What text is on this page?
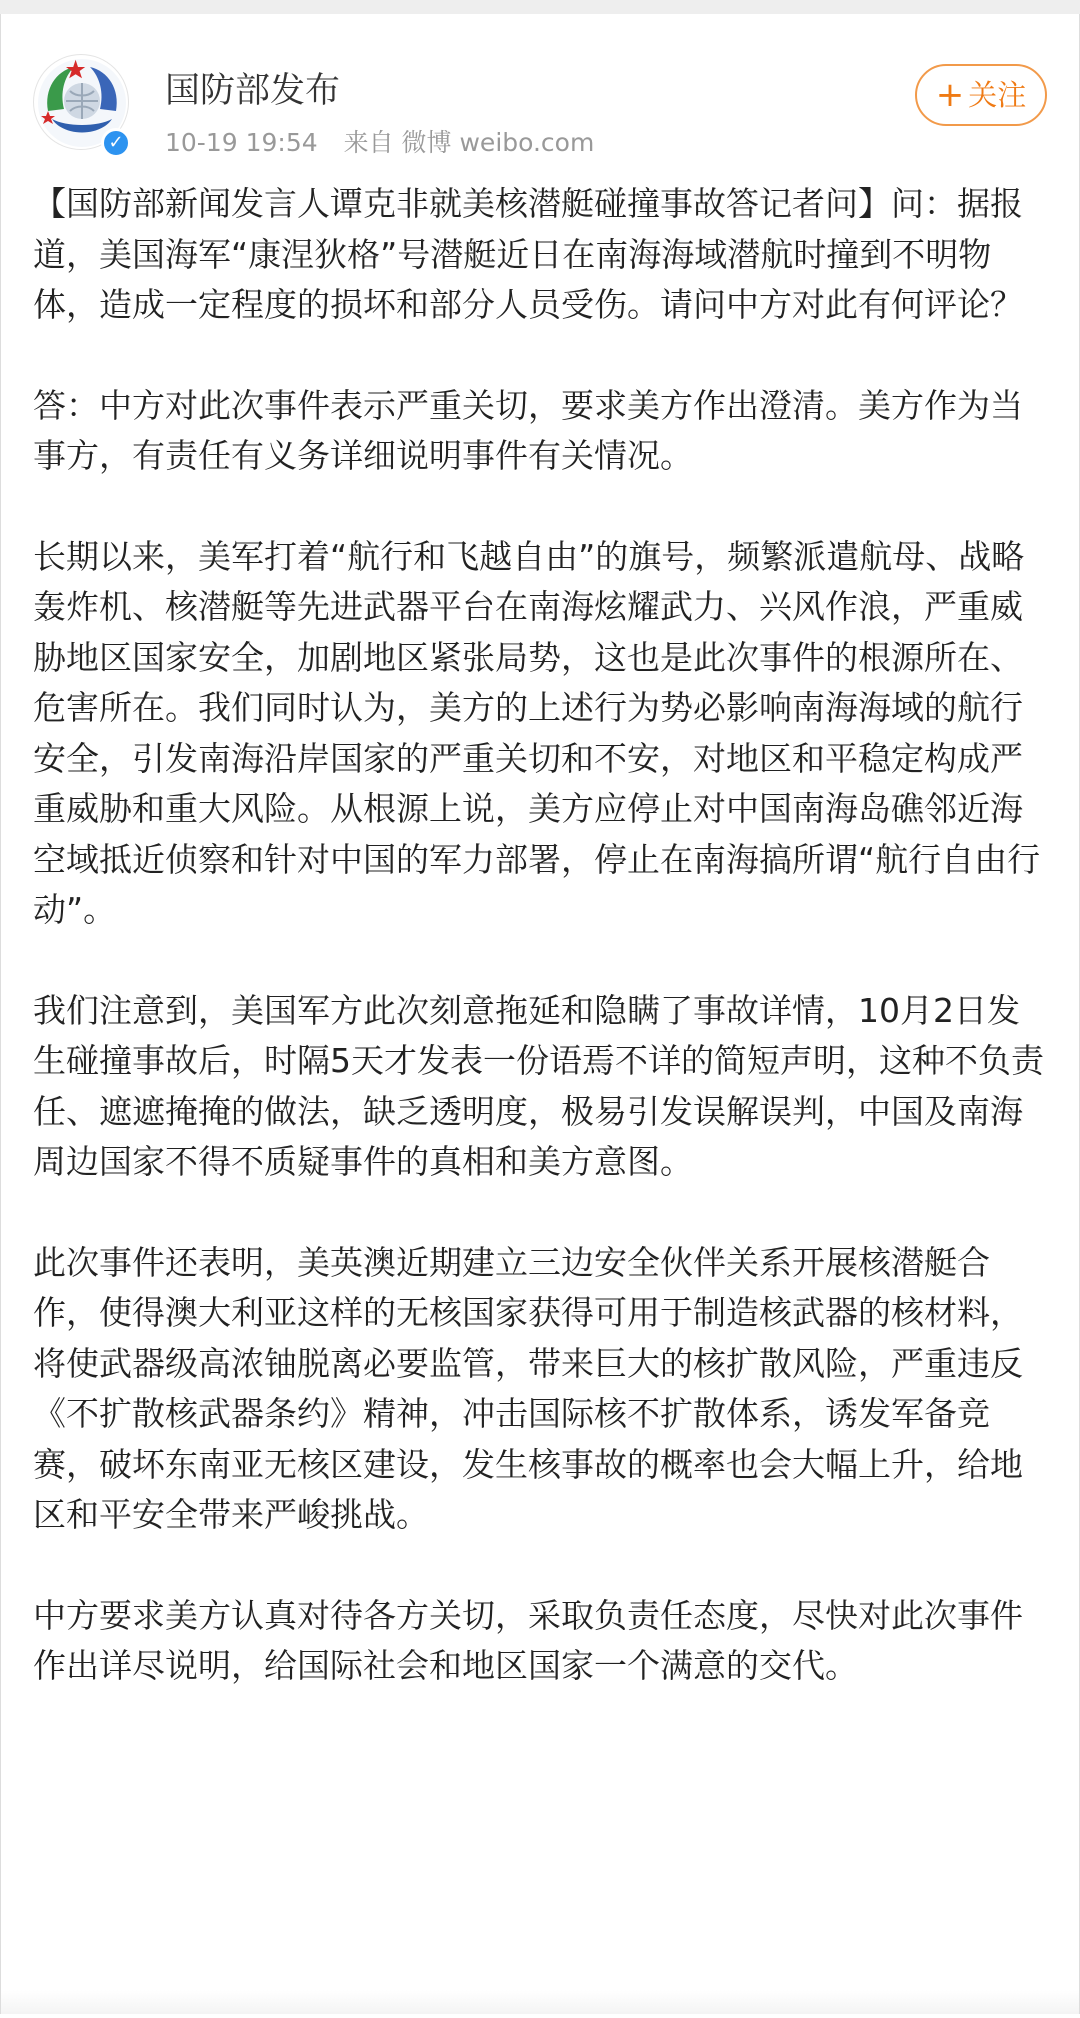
✓
国防部发布
10-19 19:54 来自 微博 weibo.com
+ 关注

【国防部新闻发言人谭克非就美核潜艇碰撞事故答记者问】问：据报道，美国海军“康涅狄格”号潜艇近日在南海海域潜航时撞到不明物体，造成一定程度的损坏和部分人员受伤。请问中方对此有何评论？

答：中方对此次事件表示严重关切，要求美方作出澄清。美方作为当事方，有责任有义务详细说明事件有关情况。

长期以来，美军打着“航行和飞越自由”的旗号，频繁派遣航母、战略轰炸机、核潜艇等先进武器平台在南海炫耀武力、兴风作浪，严重威胁地区国家安全，加剧地区紧张局势，这也是此次事件的根源所在、危害所在。我们同时认为，美方的上述行为势必影响南海海域的航行安全，引发南海沿岸国家的严重关切和不安，对地区和平稳定构成严重威胁和重大风险。从根源上说，美方应停止对中国南海岛礁邻近海空域抵近侦察和针对中国的军力部署，停止在南海搞所谓“航行自由行动”。

我们注意到，美国军方此次刻意拖延和隐瞒了事故详情，10月2日发生碰撞事故后，时隔5天才发表一份语焉不详的简短声明，这种不负责任、遮遮掩掩的做法，缺乏透明度，极易引发误解误判，中国及南海周边国家不得不质疑事件的真相和美方意图。

此次事件还表明，美英澳近期建立三边安全伙伴关系开展核潜艇合作，使得澳大利亚这样的无核国家获得可用于制造核武器的核材料，将使武器级高浓铀脱离必要监管，带来巨大的核扩散风险，严重违反《不扩散核武器条约》精神，冲击国际核不扩散体系，诱发军备竞赛，破坏东南亚无核区建设，发生核事故的概率也会大幅上升，给地区和平安全带来严峻挑战。

中方要求美方认真对待各方关切，采取负责任态度，尽快对此次事件作出详尽说明，给国际社会和地区国家一个满意的交代。
